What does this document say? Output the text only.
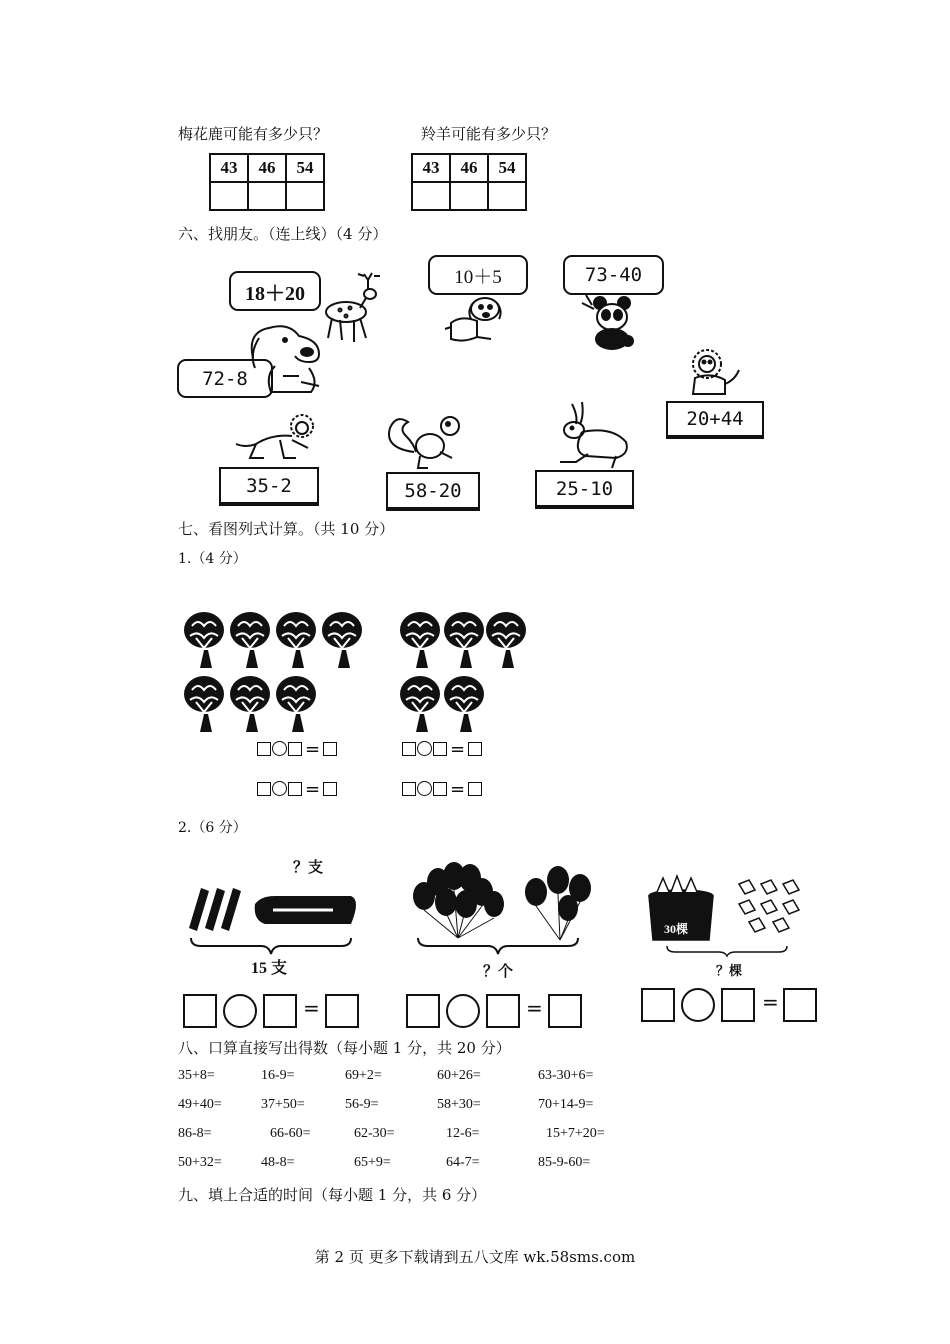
梅花鹿可能有多少只？	羚羊可能有多少只？
43	46	54
			43	46	54

六、找朋友。（连上线）（4 分）
18＋20
10＋5	73-40
72-8
20+44
35-2	58-20	25-10
七、看图列式计算。（共 10 分）
1.（4 分）
=	=
=	=
2.（6 分）
？支
15 支	？个
30棵
？棵
=	=	=
八、口算直接写出得数（每小题 1 分，共 20 分）
35+8=	16-9=	69+2=	60+26=	63-30+6=
49+40=	37+50=	56-9=	58+30=	70+14-9=
86-8=	66-60=	62-30=	12-6=	15+7+20=
50+32=	48-8=	65+9=	64-7=	85-9-60=
九、填上合适的时间（每小题 1 分，共 6 分）
第 2 页 更多下载请到五八文库 wk.58sms.com
